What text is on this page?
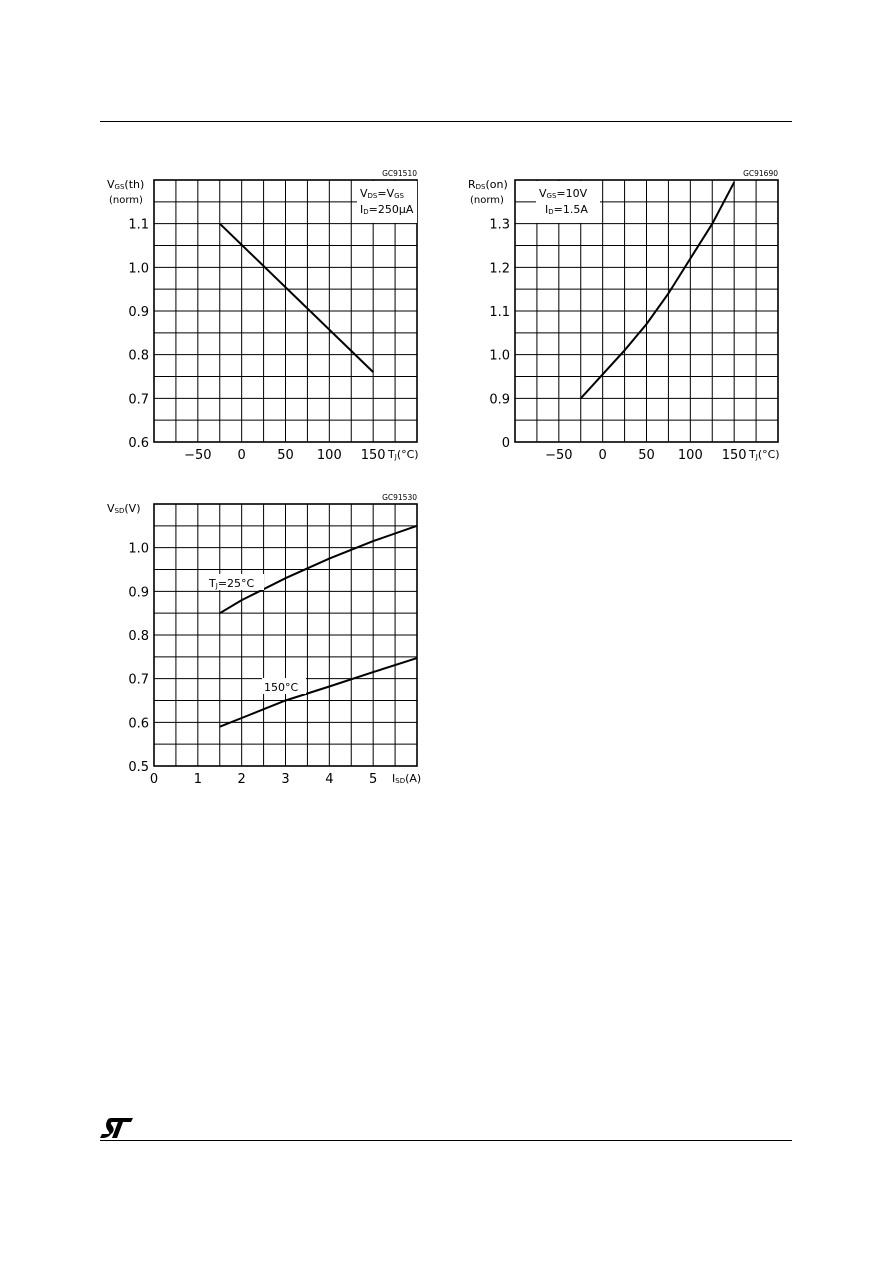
VDS=VGS
ID=250µA
1.1
1.0
0.9
0.8
0.7
0.6
−50 0 50 100 150
VGS(th)
(norm)
TJ(°C)
GC91510
VGS=10V
ID=1.5A
1.3
1.2
1.1
1.0
0.9
0
−50 0 50 100 150
RDS(on)
(norm)
TJ(°C)
GC91690
1.0
0.9
0.8
0.7
0.6
0.5
0	1	2	3	4	5
VSD(V)
ISD(A)
GC91530
TJ=25°C
150°C
